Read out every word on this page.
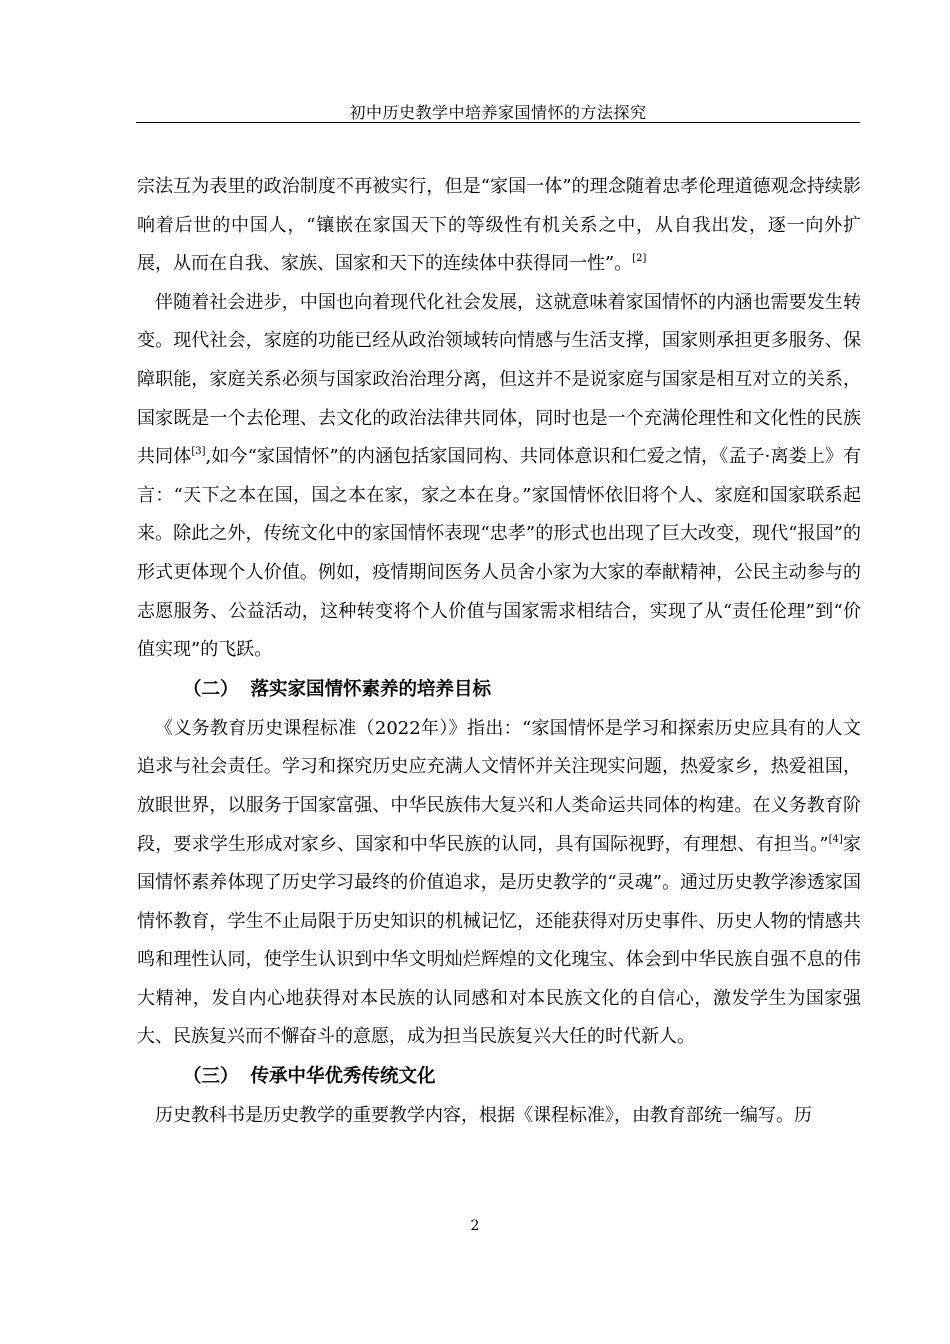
初中历史教学中培养家国情怀的方法探究

宗法互为表里的政治制度不再被实行，但是“家国一体”的理念随着忠孝伦理道德观念持续影响着后世的中国人，“镶嵌在家国天下的等级性有机关系之中，从自我出发，逐一向外扩展，从而在自我、家族、国家和天下的连续体中获得同一性”。[2]

伴随着社会进步，中国也向着现代化社会发展，这就意味着家国情怀的内涵也需要发生转变。现代社会，家庭的功能已经从政治领域转向情感与生活支撑，国家则承担更多服务、保障职能，家庭关系必须与国家政治治理分离，但这并不是说家庭与国家是相互对立的关系，国家既是一个去伦理、去文化的政治法律共同体，同时也是一个充满伦理性和文化性的民族共同体[3],如今“家国情怀”的内涵包括家国同构、共同体意识和仁爱之情，《孟子·离娄上》有言：“天下之本在国，国之本在家，家之本在身。”家国情怀依旧将个人、家庭和国家联系起来。除此之外，传统文化中的家国情怀表现“忠孝”的形式也出现了巨大改变，现代“报国”的形式更体现个人价值。例如，疫情期间医务人员舍小家为大家的奉献精神，公民主动参与的志愿服务、公益活动，这种转变将个人价值与国家需求相结合，实现了从“责任伦理”到“价值实现”的飞跃。

（二） 落实家国情怀素养的培养目标

《义务教育历史课程标准（2022年）》指出：“家国情怀是学习和探索历史应具有的人文追求与社会责任。学习和探究历史应充满人文情怀并关注现实问题，热爱家乡，热爱祖国，放眼世界，以服务于国家富强、中华民族伟大复兴和人类命运共同体的构建。在义务教育阶段，要求学生形成对家乡、国家和中华民族的认同，具有国际视野，有理想、有担当。”[4]家国情怀素养体现了历史学习最终的价值追求，是历史教学的“灵魂”。通过历史教学渗透家国情怀教育，学生不止局限于历史知识的机械记忆，还能获得对历史事件、历史人物的情感共鸣和理性认同，使学生认识到中华文明灿烂辉煌的文化瑰宝、体会到中华民族自强不息的伟大精神，发自内心地获得对本民族的认同感和对本民族文化的自信心，激发学生为国家强大、民族复兴而不懈奋斗的意愿，成为担当民族复兴大任的时代新人。

（三） 传承中华优秀传统文化

历史教科书是历史教学的重要教学内容，根据《课程标准》，由教育部统一编写。历

2
